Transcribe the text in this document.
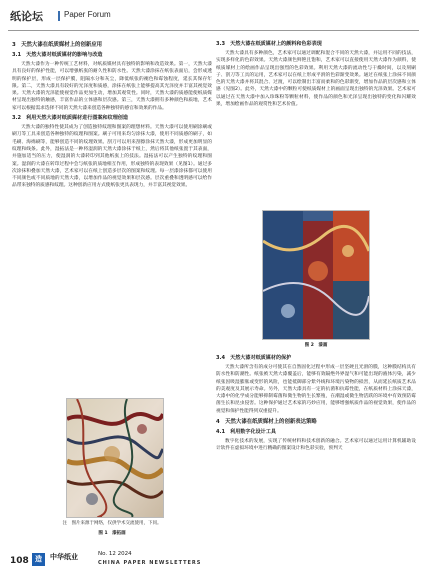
纸论坛	Paper Forum
3　天然大漆在纸质媒材上的创新应用
3.1　天然大漆对纸质媒材的影响与改造

天然大漆作为一种传统工艺材料，对纸质媒材具有独特的影响和改造效果。第一，天然大漆具有良好的保护性能，可以增强纸张的耐久性和防水性。天然大漆涂抹在纸张表面后，会形成透明的保护层，形成一层保护膜，阻隔水分和灰尘，降低纸张的褪色和霉蚀程度，延长其保存年限。第二，天然大漆具有较好的光泽度和质感，涂抹在纸张上能够提高其光泽度并丰富其视觉效果。天然大漆的光泽能使视觉作品更加生动，增加其观赏性。同时，天然大漆的质感能使纸质媒材呈现出独特的触感，丰富作品的立体感和层次感。第三，天然大漆拥有多种颜色和质地，艺术家可以根据需求选择不同的天然大漆来创造各种独特的感官和效果的作品。

3.2　利用天然大漆对纸质媒材进行图案和纹理创造

天然大漆的独特性使其成为了创造独特纹理和图案的理想材料。天然大漆可以使用刷涂刷或刷刀等工具来创造各种独特的纹理和图案。刷子可用来均匀涂抹大漆，使用不同质感的刷子，如毛刷、海绵刷等，能够创造不同的纹理效果。刮刀可以用来刮擦涂抹天然大漆，形成更加明显的纹理和线条。此外，湿拓法是一种将湿润的天然大漆涂抹于纸上，然后将其他纸张置于其表面，并施加适当的压力，使湿润的大漆转印到其他纸张上的技法。湿拓法可以产生独特的纹理和图案。湿润的大漆在转印过程中会与纸张的质地相互作用，形成独特的表现效果（见图1）。通过多次涂抹和叠加天然大漆，艺术家可以在纸上创造多层次的图案和纹理。每一层漆涂抹都可以使用不同颜色或不同质地的天然大漆，以增加作品的视觉效果和层次感。层次重叠和透明感可以给作品带来独特的质感和纹理。这种创新应用方式使纸张更具表现力，并丰富其视觉效果。

注　图片来源于网络，仅供学术交流使用，下同。
图 1　漆拓画
3.3　天然大漆在纸质媒材上的颜料和色彩表现

天然大漆具有多种颜色，艺术家可以通过调配和混合不同的天然大漆，并运用不同的技法，实现多样化的色彩效果。天然大漆颜色鲜艳且饱和，艺术家可以直接使用天然大漆作为颜料，使纸质媒材上的绘画作品呈现出强烈的色彩效果。利用天然大漆的流动性与干燥时间，以及刻刷子、刮刀等工具的运用，艺术家可以在纸上形成平滑的色彩渐变效果。通过在纸张上涂抹不同颜色的天然大漆并将其混合、过渡，可以绘制出丰富而柔和的色彩渐变，增加作品的层次感和立体感（见图2）。此外，天然大漆中的颗粒可使纸质媒材上的画面呈现出独特的光泽效果。艺术家可以通过在天然大漆中加入珍珠粉等颗粒材料，使作品的颜色和光泽呈现出独特的变化和闪耀效果，增加绘画作品的观赏性和艺术价值。

图 2　漆画
3.4　天然大漆对纸质媒材的保护

天然大漆所含有的成分可使其在自然固化过程中形成一层坚硬且光滑的膜，这种膜结构具有防水性和防潮性。纸张被天然大漆覆盖后，能够有效隔绝外界湿气和可能出现的液体污染，减少纸张因吸湿膨胀或变形的风险，也能抵御部分紫外线和环境污染物的损害，从而延长纸质艺术品的美观度及其展示寿命。另外，天然大漆具有一定的抗菌和抗霉性能，在纸质材料上涂抹天漆，大漆中的化学成分能够抑制霉菌和微生物的生长繁殖，在潮湿或微生物活跃的环境中有效预防霉菌生长和昆虫侵害。这种保护通过艺术家的巧妙应用，能够增强纸质作品的视觉效果，使作品的视觉和保护性能得到双重提升。

4　天然大漆在纸质媒材上的创新表达策略
4.1　利用数字化设计工具

数字化技术的发展，实现了传统材料和技术创新的融合。艺术家可以通过运用计算机辅助设计软件在虚拟环境中进行精确的图案设计和色彩实验，预判天

108 造	中华纸业	No. 12 2024
CHINA PAPER NEWSLETTERS
